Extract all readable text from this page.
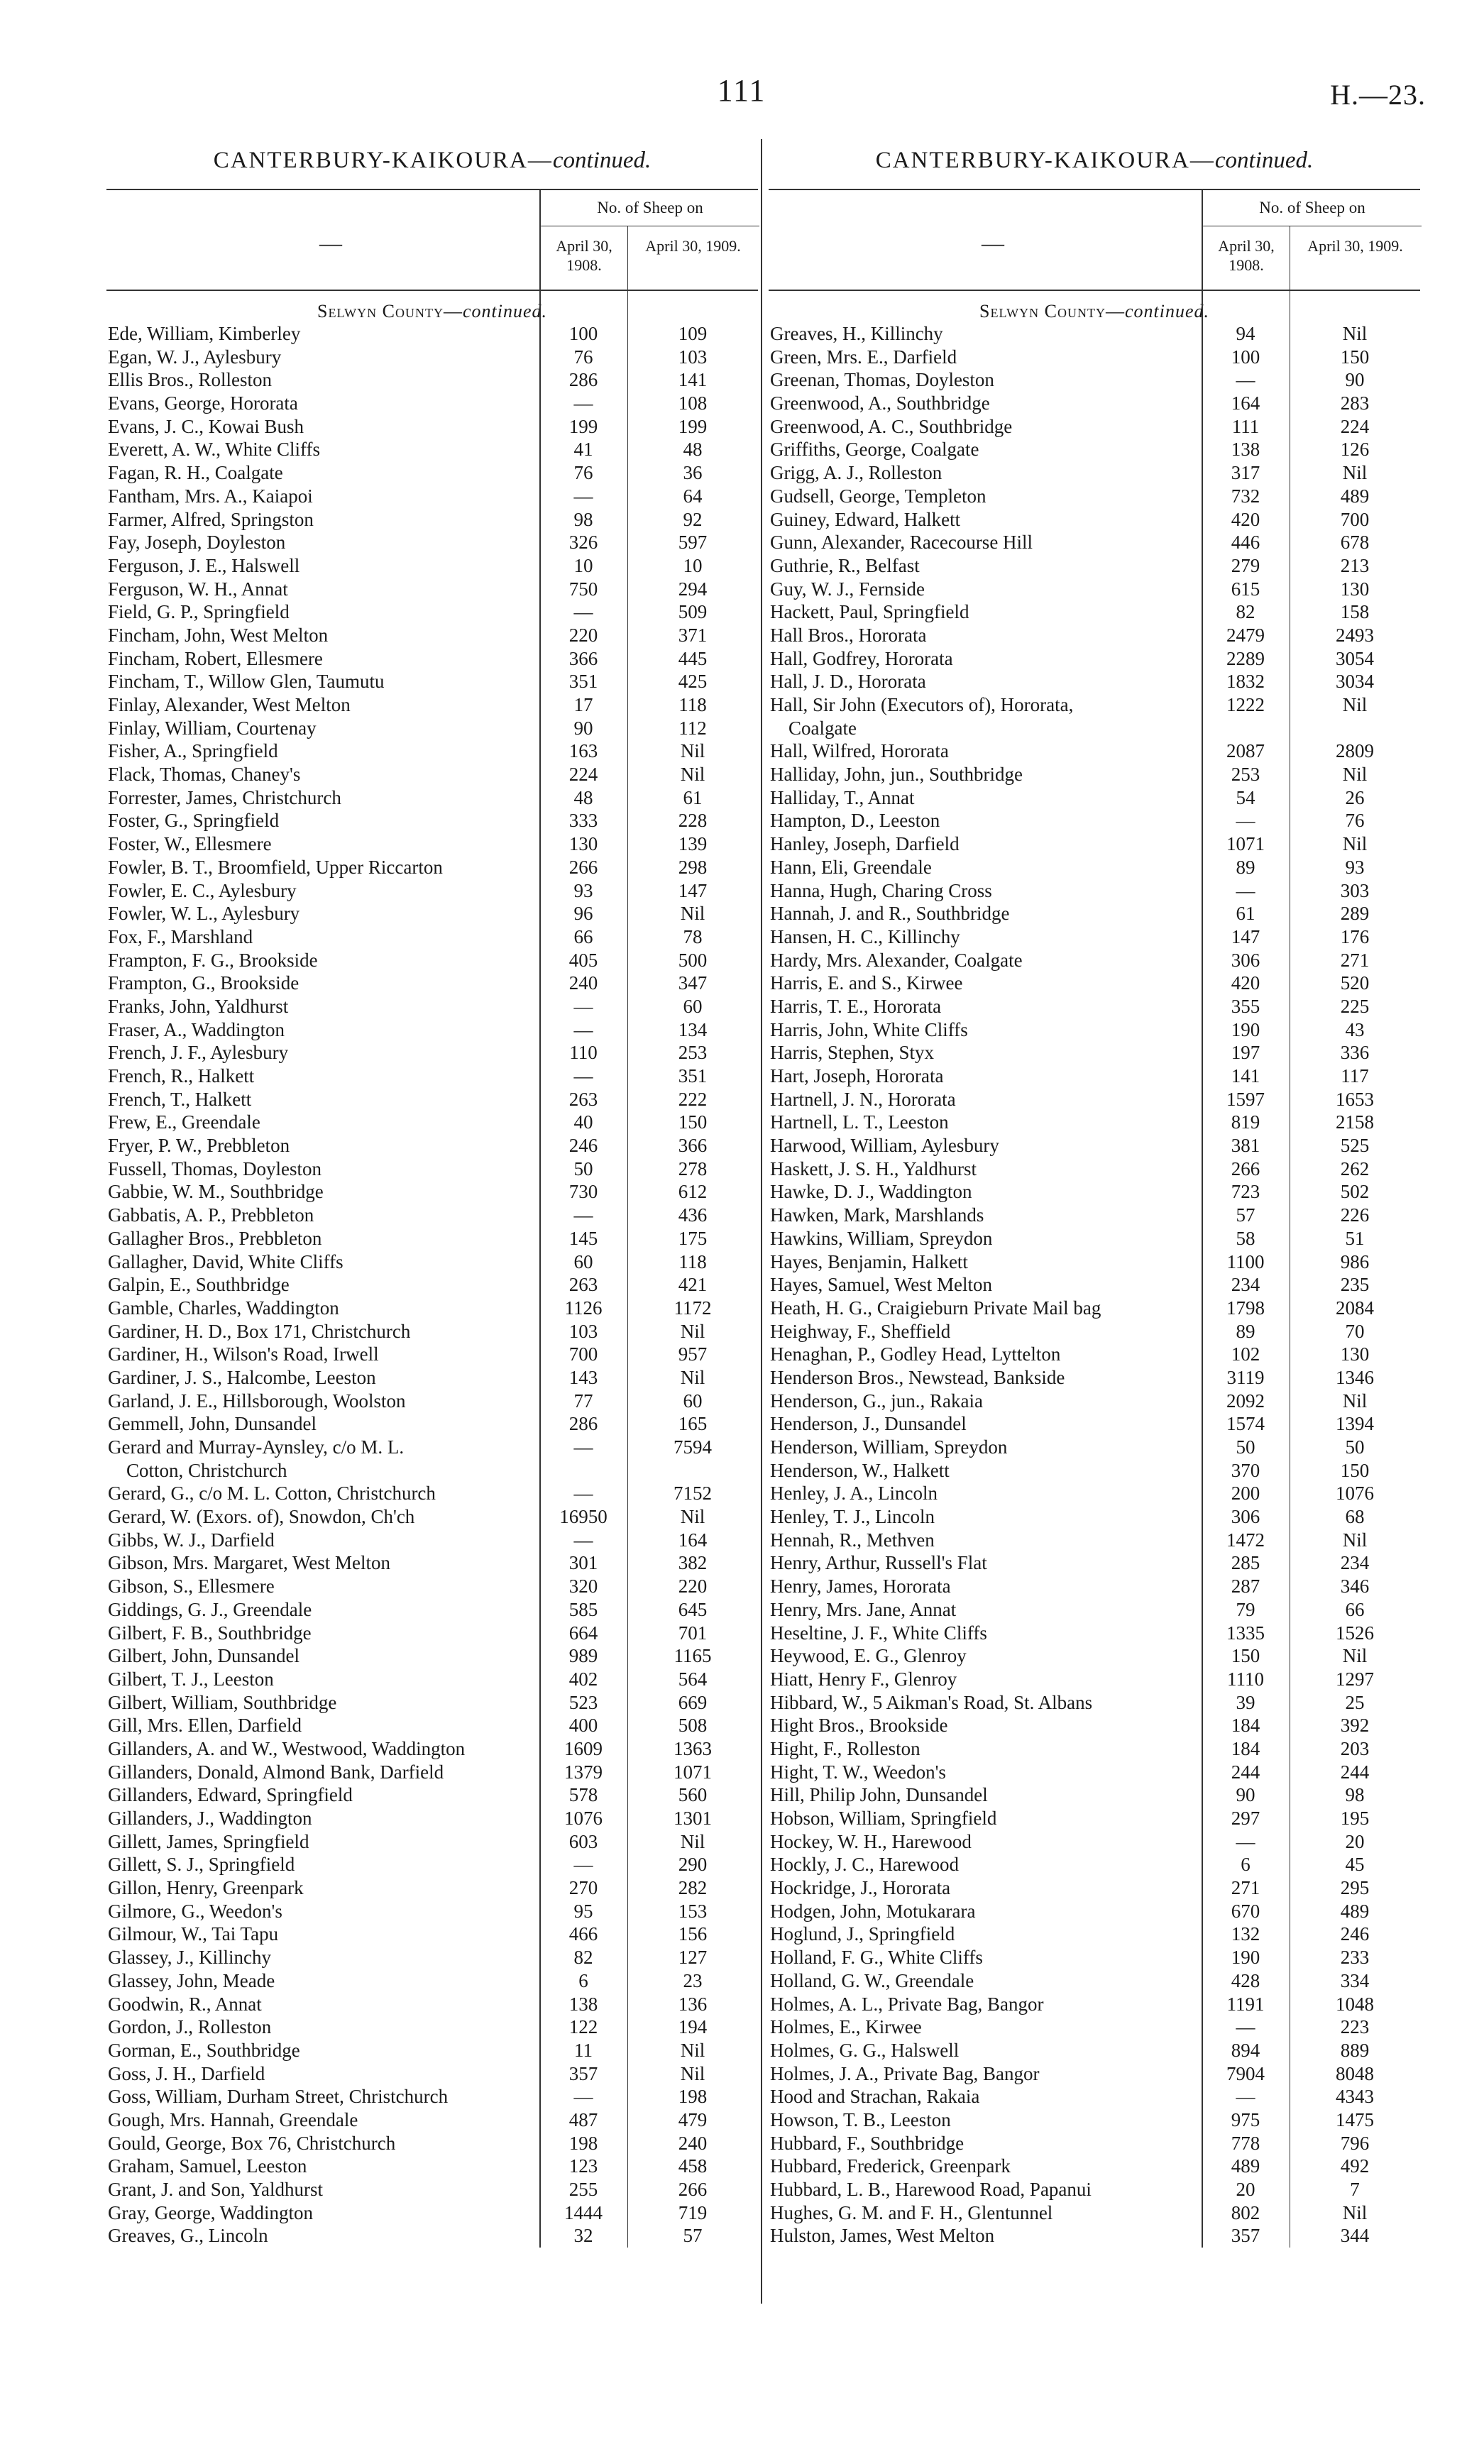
111	H.—23.
CANTERBURY-KAIKOURA—continued.
—
No. of Sheep on
April 30, 1908.
April 30, 1909.
Selwyn County—continued.
Ede, William, Kimberley	100	109
Egan, W. J., Aylesbury	76	103
Ellis Bros., Rolleston	286	141
Evans, George, Hororata	—	108
Evans, J. C., Kowai Bush	199	199
Everett, A. W., White Cliffs	41	48
Fagan, R. H., Coalgate	76	36
Fantham, Mrs. A., Kaiapoi	—	64
Farmer, Alfred, Springston	98	92
Fay, Joseph, Doyleston	326	597
Ferguson, J. E., Halswell	10	10
Ferguson, W. H., Annat	750	294
Field, G. P., Springfield	—	509
Fincham, John, West Melton	220	371
Fincham, Robert, Ellesmere	366	445
Fincham, T., Willow Glen, Taumutu	351	425
Finlay, Alexander, West Melton	17	118
Finlay, William, Courtenay	90	112
Fisher, A., Springfield	163	Nil
Flack, Thomas, Chaney's	224	Nil
Forrester, James, Christchurch	48	61
Foster, G., Springfield	333	228
Foster, W., Ellesmere	130	139
Fowler, B. T., Broomfield, Upper Riccarton	266	298
Fowler, E. C., Aylesbury	93	147
Fowler, W. L., Aylesbury	96	Nil
Fox, F., Marshland	66	78
Frampton, F. G., Brookside	405	500
Frampton, G., Brookside	240	347
Franks, John, Yaldhurst	—	60
Fraser, A., Waddington	—	134
French, J. F., Aylesbury	110	253
French, R., Halkett	—	351
French, T., Halkett	263	222
Frew, E., Greendale	40	150
Fryer, P. W., Prebbleton	246	366
Fussell, Thomas, Doyleston	50	278
Gabbie, W. M., Southbridge	730	612
Gabbatis, A. P., Prebbleton	—	436
Gallagher Bros., Prebbleton	145	175
Gallagher, David, White Cliffs	60	118
Galpin, E., Southbridge	263	421
Gamble, Charles, Waddington	1126	1172
Gardiner, H. D., Box 171, Christchurch	103	Nil
Gardiner, H., Wilson's Road, Irwell	700	957
Gardiner, J. S., Halcombe, Leeston	143	Nil
Garland, J. E., Hillsborough, Woolston	77	60
Gemmell, John, Dunsandel	286	165
Gerard and Murray-Aynsley, c/o M. L.	—	7594
Cotton, Christchurch
Gerard, G., c/o M. L. Cotton, Christchurch	—	7152
Gerard, W. (Exors. of), Snowdon, Ch'ch	16950	Nil
Gibbs, W. J., Darfield	—	164
Gibson, Mrs. Margaret, West Melton	301	382
Gibson, S., Ellesmere	320	220
Giddings, G. J., Greendale	585	645
Gilbert, F. B., Southbridge	664	701
Gilbert, John, Dunsandel	989	1165
Gilbert, T. J., Leeston	402	564
Gilbert, William, Southbridge	523	669
Gill, Mrs. Ellen, Darfield	400	508
Gillanders, A. and W., Westwood, Waddington	1609	1363
Gillanders, Donald, Almond Bank, Darfield	1379	1071
Gillanders, Edward, Springfield	578	560
Gillanders, J., Waddington	1076	1301
Gillett, James, Springfield	603	Nil
Gillett, S. J., Springfield	—	290
Gillon, Henry, Greenpark	270	282
Gilmore, G., Weedon's	95	153
Gilmour, W., Tai Tapu	466	156
Glassey, J., Killinchy	82	127
Glassey, John, Meade	6	23
Goodwin, R., Annat	138	136
Gordon, J., Rolleston	122	194
Gorman, E., Southbridge	11	Nil
Goss, J. H., Darfield	357	Nil
Goss, William, Durham Street, Christchurch	—	198
Gough, Mrs. Hannah, Greendale	487	479
Gould, George, Box 76, Christchurch	198	240
Graham, Samuel, Leeston	123	458
Grant, J. and Son, Yaldhurst	255	266
Gray, George, Waddington	1444	719
Greaves, G., Lincoln	32	57
CANTERBURY-KAIKOURA—continued.
—
No. of Sheep on
April 30, 1908.
April 30, 1909.
Selwyn County—continued.
Greaves, H., Killinchy	94	Nil
Green, Mrs. E., Darfield	100	150
Greenan, Thomas, Doyleston	—	90
Greenwood, A., Southbridge	164	283
Greenwood, A. C., Southbridge	111	224
Griffiths, George, Coalgate	138	126
Grigg, A. J., Rolleston	317	Nil
Gudsell, George, Templeton	732	489
Guiney, Edward, Halkett	420	700
Gunn, Alexander, Racecourse Hill	446	678
Guthrie, R., Belfast	279	213
Guy, W. J., Fernside	615	130
Hackett, Paul, Springfield	82	158
Hall Bros., Hororata	2479	2493
Hall, Godfrey, Hororata	2289	3054
Hall, J. D., Hororata	1832	3034
Hall, Sir John (Executors of), Hororata,	1222	Nil
Coalgate
Hall, Wilfred, Hororata	2087	2809
Halliday, John, jun., Southbridge	253	Nil
Halliday, T., Annat	54	26
Hampton, D., Leeston	—	76
Hanley, Joseph, Darfield	1071	Nil
Hann, Eli, Greendale	89	93
Hanna, Hugh, Charing Cross	—	303
Hannah, J. and R., Southbridge	61	289
Hansen, H. C., Killinchy	147	176
Hardy, Mrs. Alexander, Coalgate	306	271
Harris, E. and S., Kirwee	420	520
Harris, T. E., Hororata	355	225
Harris, John, White Cliffs	190	43
Harris, Stephen, Styx	197	336
Hart, Joseph, Hororata	141	117
Hartnell, J. N., Hororata	1597	1653
Hartnell, L. T., Leeston	819	2158
Harwood, William, Aylesbury	381	525
Haskett, J. S. H., Yaldhurst	266	262
Hawke, D. J., Waddington	723	502
Hawken, Mark, Marshlands	57	226
Hawkins, William, Spreydon	58	51
Hayes, Benjamin, Halkett	1100	986
Hayes, Samuel, West Melton	234	235
Heath, H. G., Craigieburn Private Mail bag	1798	2084
Heighway, F., Sheffield	89	70
Henaghan, P., Godley Head, Lyttelton	102	130
Henderson Bros., Newstead, Bankside	3119	1346
Henderson, G., jun., Rakaia	2092	Nil
Henderson, J., Dunsandel	1574	1394
Henderson, William, Spreydon	50	50
Henderson, W., Halkett	370	150
Henley, J. A., Lincoln	200	1076
Henley, T. J., Lincoln	306	68
Hennah, R., Methven	1472	Nil
Henry, Arthur, Russell's Flat	285	234
Henry, James, Hororata	287	346
Henry, Mrs. Jane, Annat	79	66
Heseltine, J. F., White Cliffs	1335	1526
Heywood, E. G., Glenroy	150	Nil
Hiatt, Henry F., Glenroy	1110	1297
Hibbard, W., 5 Aikman's Road, St. Albans	39	25
Hight Bros., Brookside	184	392
Hight, F., Rolleston	184	203
Hight, T. W., Weedon's	244	244
Hill, Philip John, Dunsandel	90	98
Hobson, William, Springfield	297	195
Hockey, W. H., Harewood	—	20
Hockly, J. C., Harewood	6	45
Hockridge, J., Hororata	271	295
Hodgen, John, Motukarara	670	489
Hoglund, J., Springfield	132	246
Holland, F. G., White Cliffs	190	233
Holland, G. W., Greendale	428	334
Holmes, A. L., Private Bag, Bangor	1191	1048
Holmes, E., Kirwee	—	223
Holmes, G. G., Halswell	894	889
Holmes, J. A., Private Bag, Bangor	7904	8048
Hood and Strachan, Rakaia	—	4343
Howson, T. B., Leeston	975	1475
Hubbard, F., Southbridge	778	796
Hubbard, Frederick, Greenpark	489	492
Hubbard, L. B., Harewood Road, Papanui	20	7
Hughes, G. M. and F. H., Glentunnel	802	Nil
Hulston, James, West Melton	357	344
